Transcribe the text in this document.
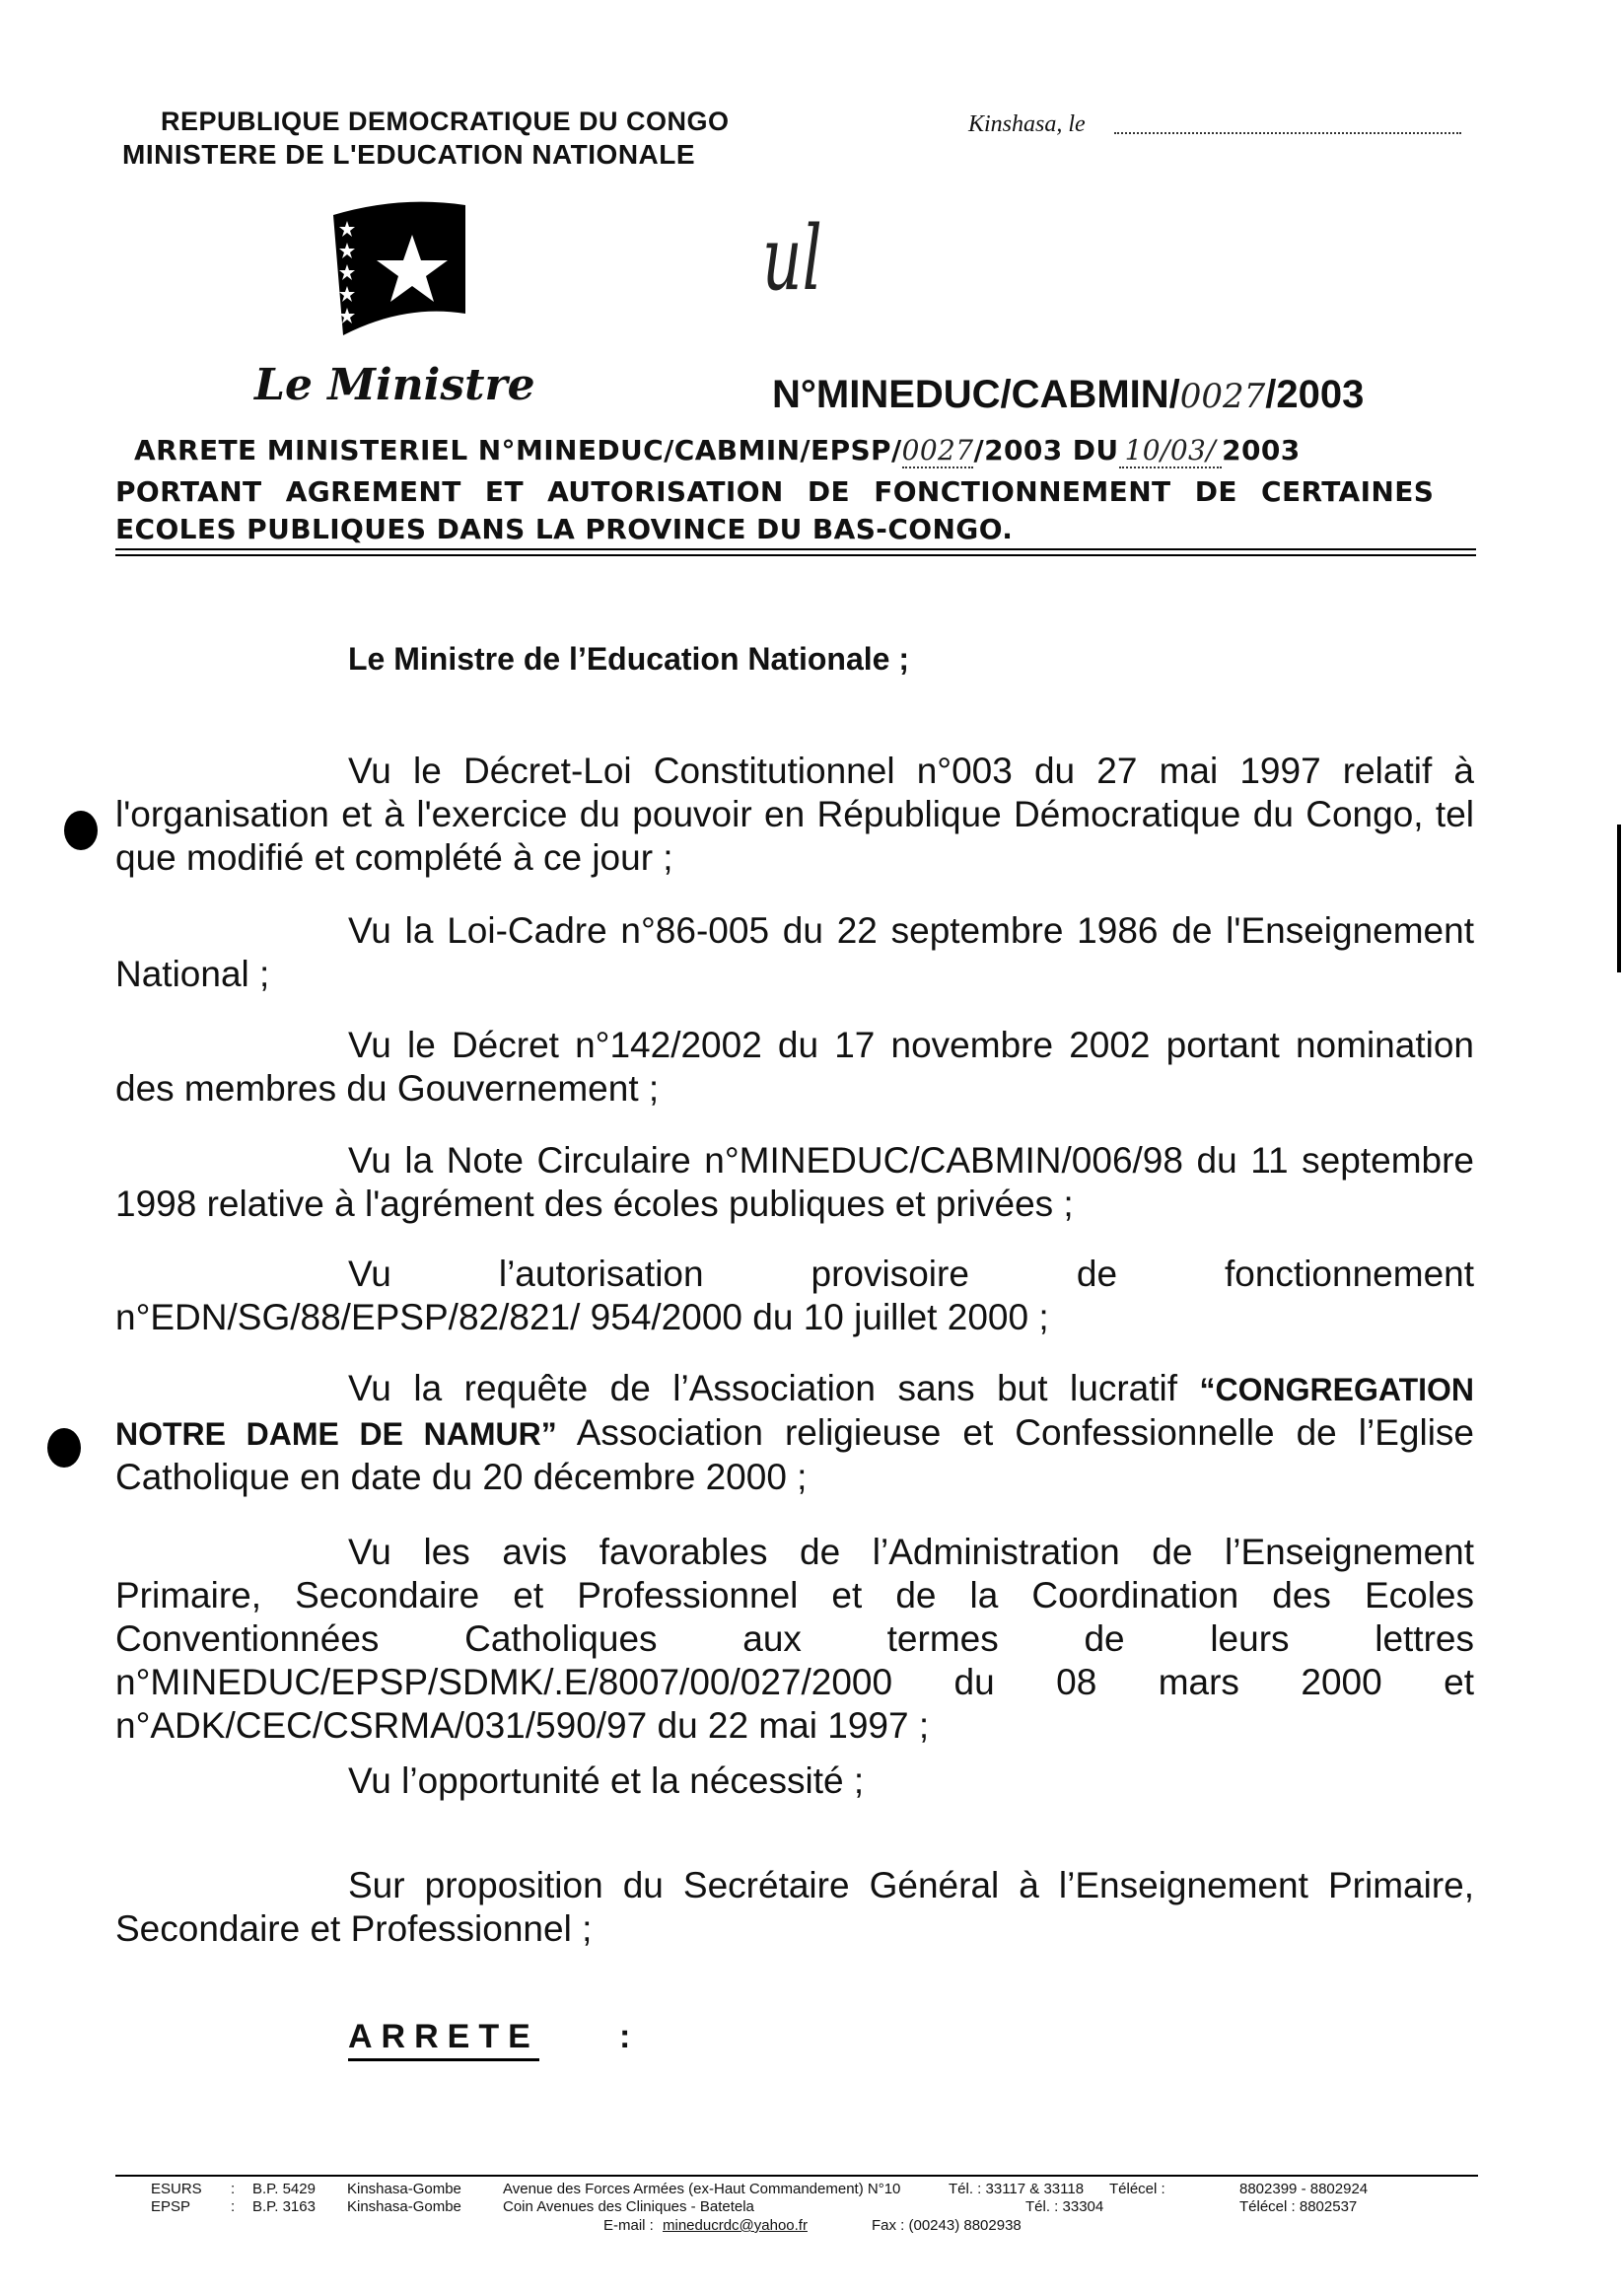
REPUBLIQUE DEMOCRATIQUE DU CONGO
MINISTERE DE L'EDUCATION NATIONALE
Kinshasa, le
ul
Le Ministre	N°MINEDUC/CABMIN/0027/2003
ARRETE MINISTERIEL N°MINEDUC/CABMIN/EPSP/0027/2003 DU 10/03/ 2003
PORTANT AGREMENT ET AUTORISATION DE FONCTIONNEMENT DE CERTAINES
ECOLES PUBLIQUES DANS LA PROVINCE DU BAS-CONGO.
Le Ministre de l’Education Nationale ;
Vu le Décret-Loi Constitutionnel n°003 du 27 mai 1997 relatif à l'organisation et à l'exercice du pouvoir en République Démocratique du Congo, tel que modifié et complété à ce jour ;
Vu la Loi-Cadre n°86-005 du 22 septembre 1986 de l'Enseignement National ;
Vu le Décret n°142/2002 du 17 novembre 2002 portant nomination des membres du Gouvernement ;
Vu la Note Circulaire n°MINEDUC/CABMIN/006/98 du 11 septembre 1998 relative à l'agrément des écoles publiques et privées ;
Vu l’autorisation provisoire de fonctionnement n°EDN/SG/88/EPSP/82/821/ 954/2000 du 10 juillet 2000 ;
Vu la requête de l’Association sans but lucratif “CONGREGATION NOTRE DAME DE NAMUR” Association religieuse et Confessionnelle de l’Eglise Catholique en date du 20 décembre 2000 ;
Vu les avis favorables de l’Administration de l’Enseignement Primaire, Secondaire et Professionnel et de la Coordination des Ecoles Conventionnées Catholiques aux termes de leurs lettres n°MINEDUC/EPSP/SDMK/.E/8007/00/027/2000 du 08 mars 2000 et n°ADK/CEC/CSRMA/031/590/97 du 22 mai 1997 ;
Vu l’opportunité et la nécessité ;
Sur proposition du Secrétaire Général à l’Enseignement Primaire, Secondaire et Professionnel ;
ARRETE :
ESURS : B.P. 5429 Kinshasa-Gombe	Avenue des Forces Armées (ex-Haut Commandement) N°10	Tél. : 33117 & 33118 Télécel :	8802399 - 8802924
EPSP	: B.P. 3163 Kinshasa-Gombe	Coin Avenues des Cliniques - Batetela	Tél. : 33304	Télécel : 8802537
E-mail : mineducrdc@yahoo.fr	Fax : (00243) 8802938
